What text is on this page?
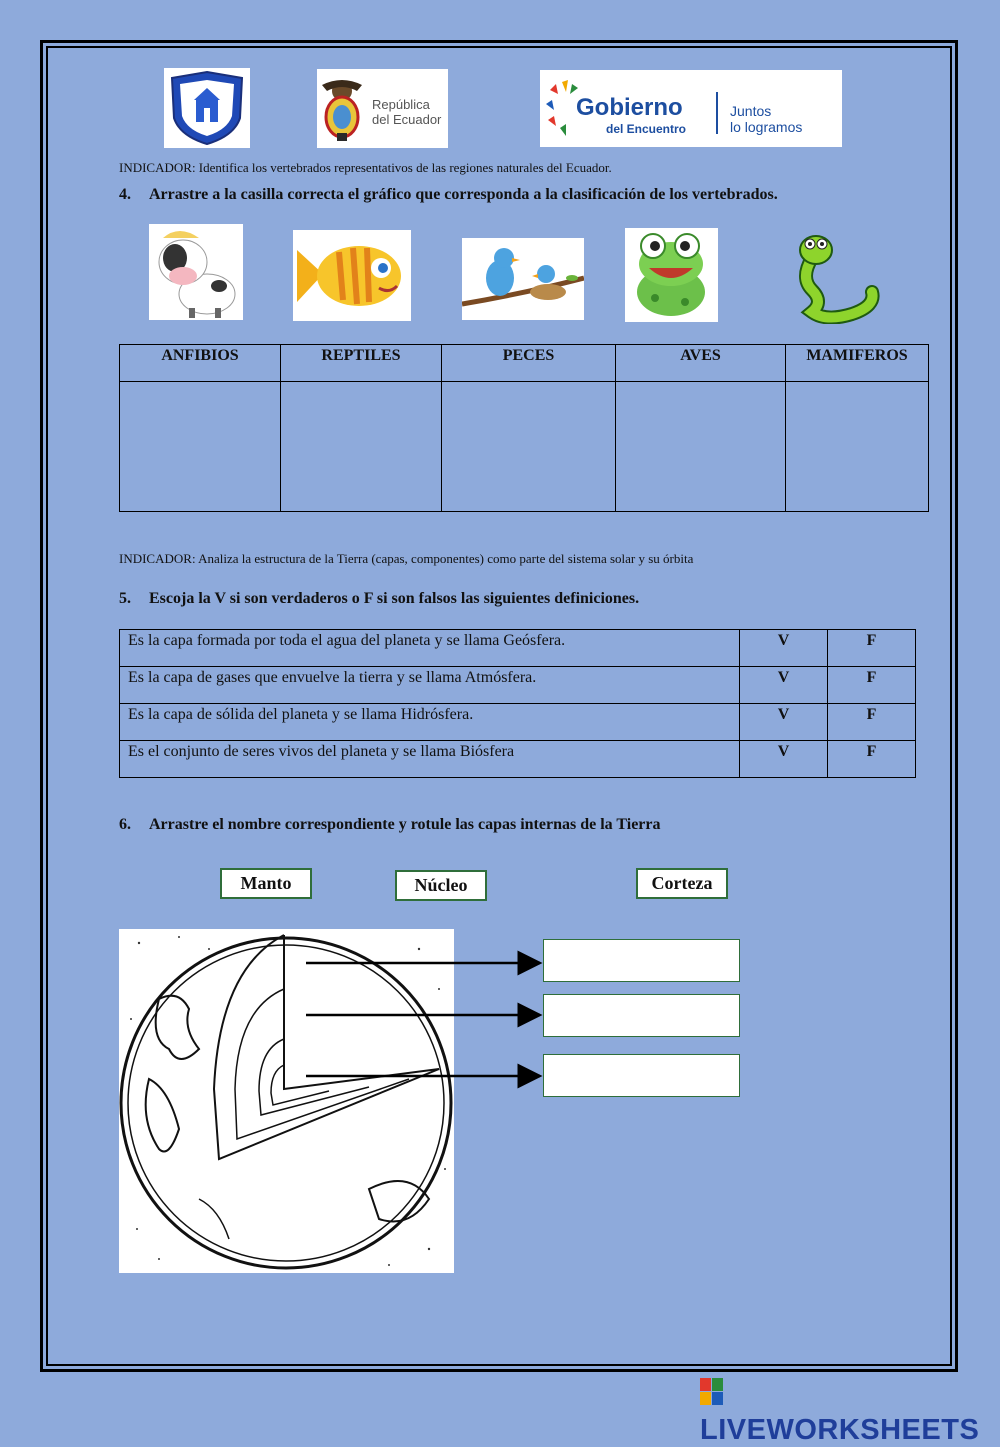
República
del Ecuador	Gobierno
del Encuentro
Juntos
lo logramos
INDICADOR: Identifica los vertebrados representativos de las regiones naturales del Ecuador.
4. Arrastre a la casilla correcta el gráfico que corresponda a la clasificación de los vertebrados.
ANFIBIOS	REPTILES	PECES	AVES	MAMIFEROS

INDICADOR: Analiza la estructura de la Tierra (capas, componentes) como parte del sistema solar y su órbita
5. Escoja la V si son verdaderos o F si son falsos las siguientes definiciones.
Es la capa formada por toda el agua del planeta y se llama Geósfera.	V	F
Es la capa de gases que envuelve la tierra y se llama Atmósfera.	V	F
Es la capa de sólida del planeta y se llama Hidrósfera.	V	F
Es el conjunto de seres vivos del planeta y se llama Biósfera	V	F
6. Arrastre el nombre correspondiente y rotule las capas internas de la Tierra
Manto	Núcleo	Corteza
LIVEWORKSHEETS
